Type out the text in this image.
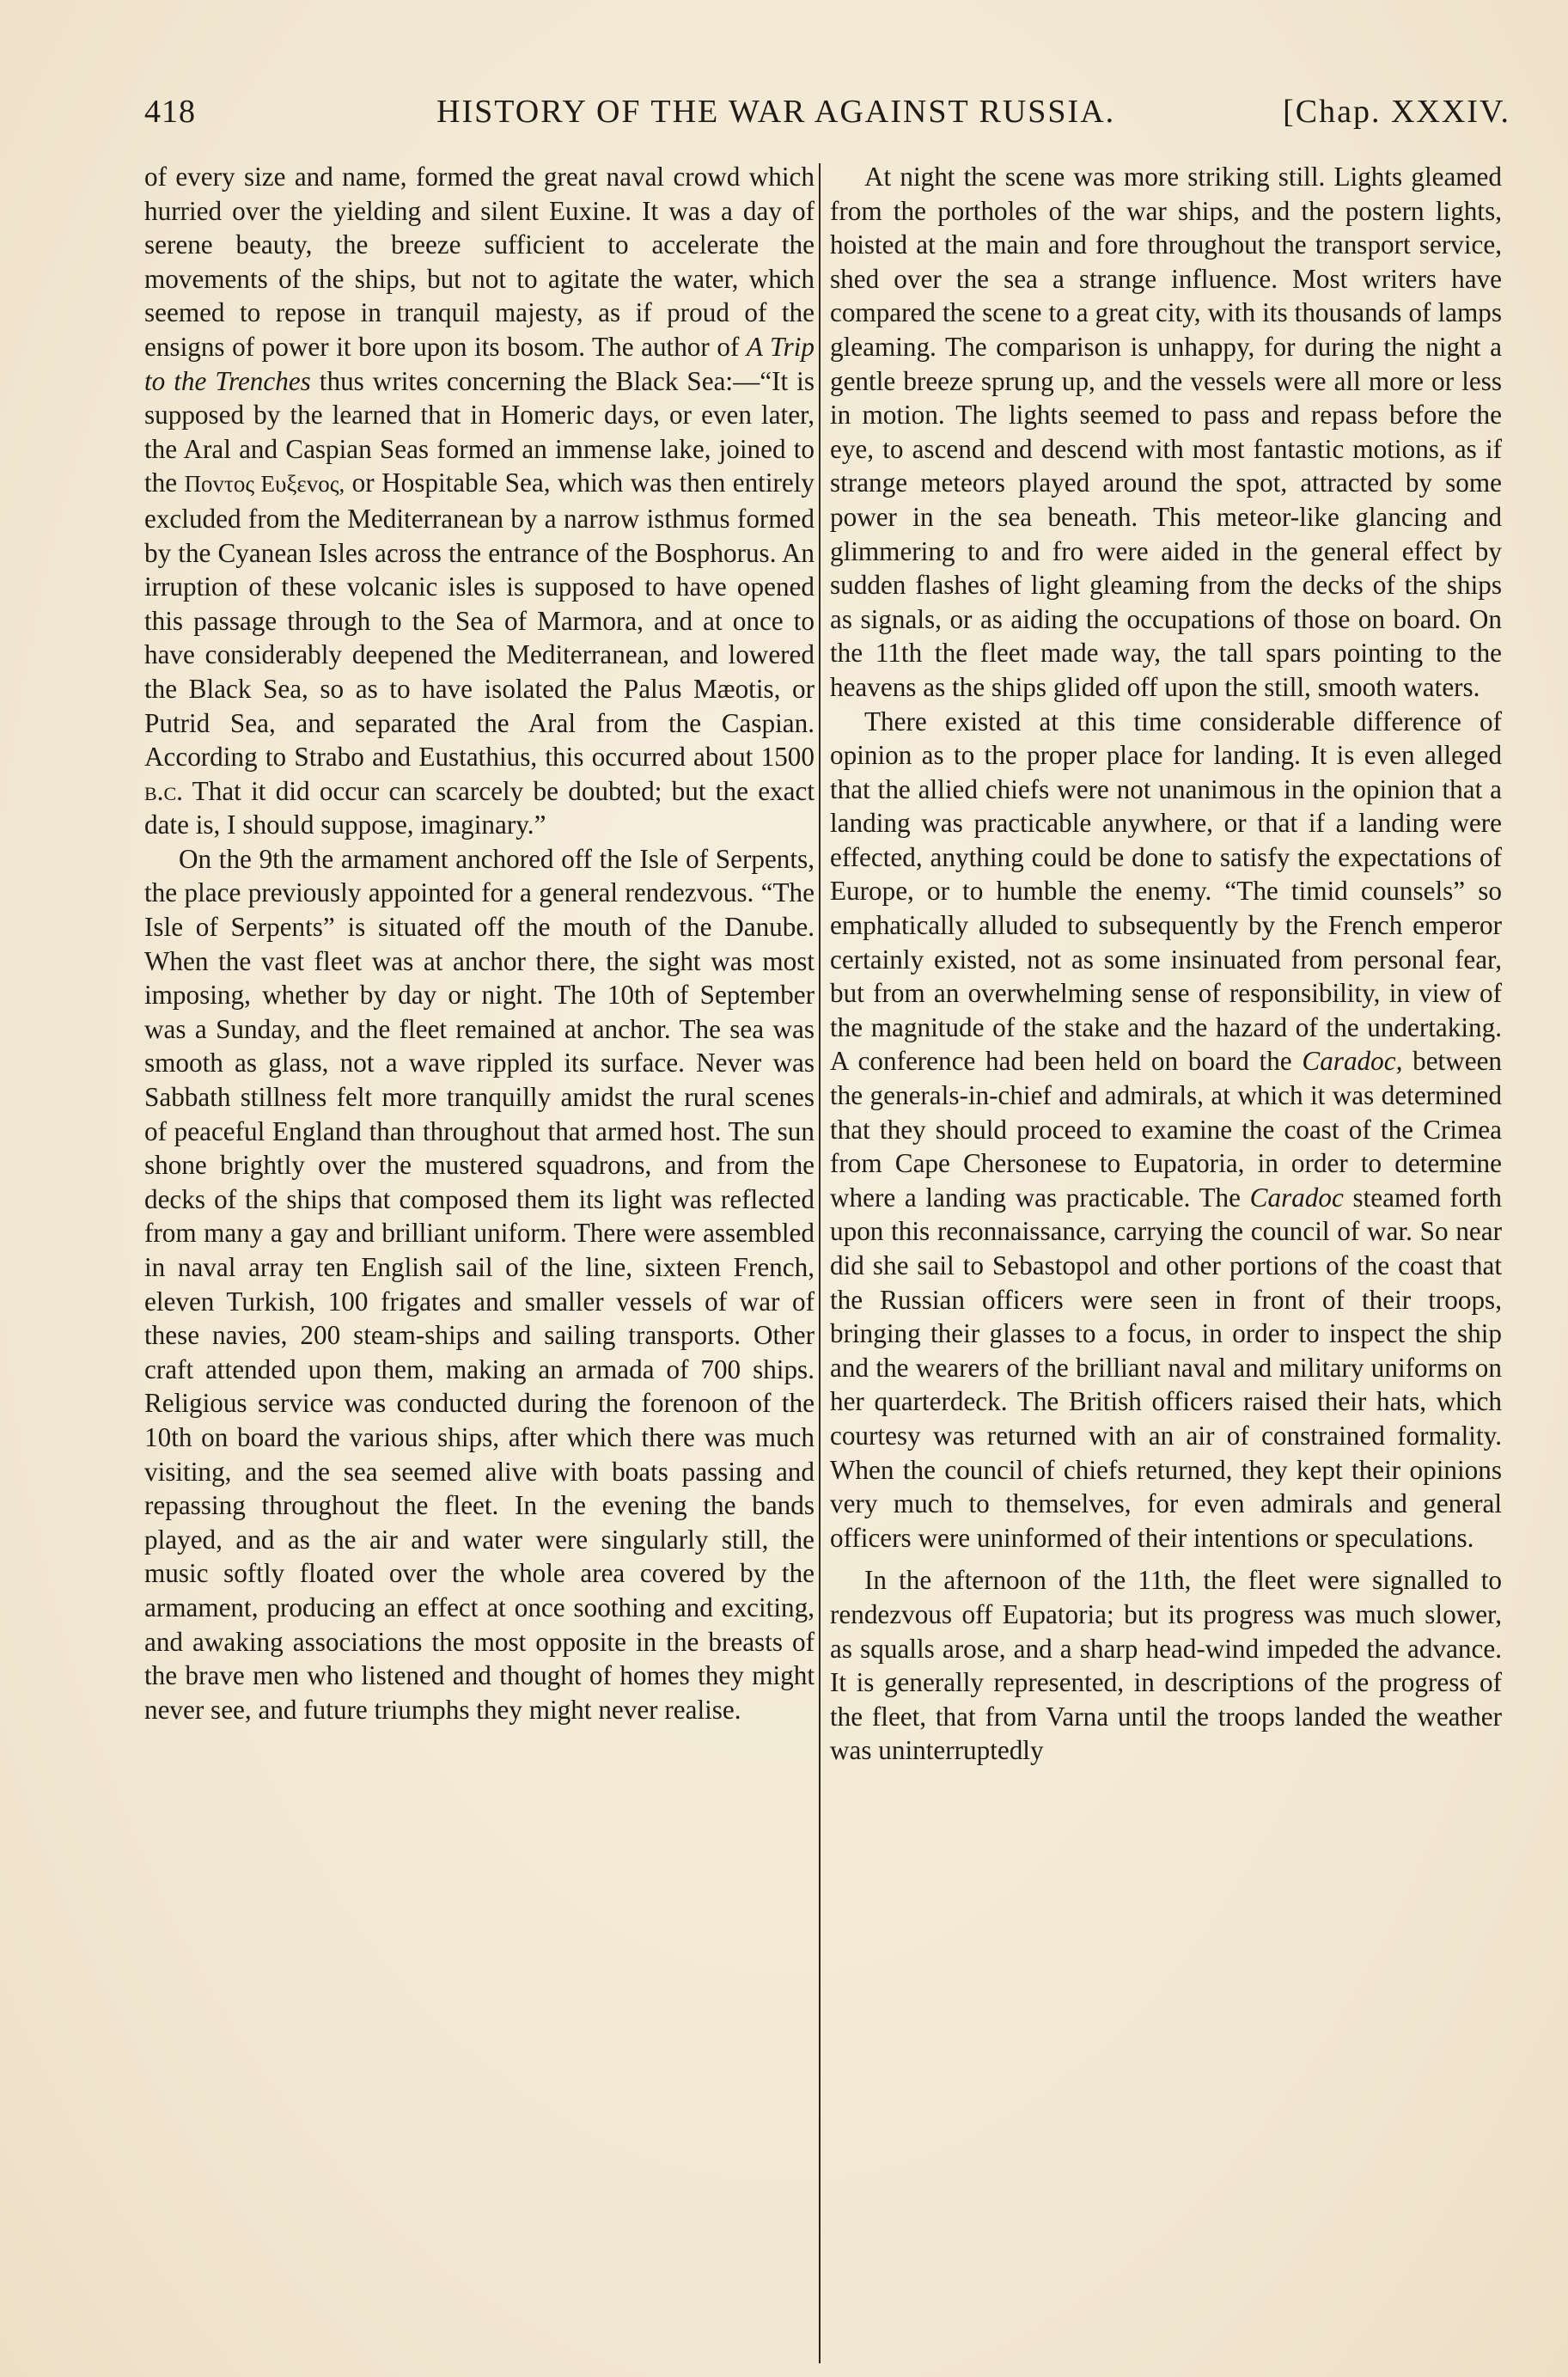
418	HISTORY OF THE WAR AGAINST RUSSIA.	[Chap. XXXIV.

of every size and name, formed the great naval crowd which hurried over the yielding and silent Euxine. It was a day of serene beauty, the breeze sufficient to accelerate the movements of the ships, but not to agitate the water, which seemed to repose in tranquil majesty, as if proud of the ensigns of power it bore upon its bosom. The author of A Trip to the Trenches thus writes concerning the Black Sea:—“It is supposed by the learned that in Homeric days, or even later, the Aral and Caspian Seas formed an immense lake, joined to the Πovτoς Eυξεvoς, or Hospitable Sea, which was then entirely excluded from the Mediterranean by a narrow isthmus formed by the Cyanean Isles across the entrance of the Bosphorus. An irruption of these volcanic isles is supposed to have opened this passage through to the Sea of Marmora, and at once to have considerably deepened the Mediterranean, and lowered the Black Sea, so as to have isolated the Palus Mæotis, or Putrid Sea, and separated the Aral from the Caspian. According to Strabo and Eustathius, this occurred about 1500 b.c. That it did occur can scarcely be doubted; but the exact date is, I should suppose, imaginary.”

On the 9th the armament anchored off the Isle of Serpents, the place previously appointed for a general rendezvous. “The Isle of Serpents” is situated off the mouth of the Danube. When the vast fleet was at anchor there, the sight was most imposing, whether by day or night. The 10th of September was a Sunday, and the fleet remained at anchor. The sea was smooth as glass, not a wave rippled its surface. Never was Sabbath stillness felt more tranquilly amidst the rural scenes of peaceful England than throughout that armed host. The sun shone brightly over the mustered squadrons, and from the decks of the ships that composed them its light was reflected from many a gay and brilliant uniform. There were assembled in naval array ten English sail of the line, sixteen French, eleven Turkish, 100 frigates and smaller vessels of war of these navies, 200 steam-ships and sailing transports. Other craft attended upon them, making an armada of 700 ships. Religious service was conducted during the forenoon of the 10th on board the various ships, after which there was much visiting, and the sea seemed alive with boats passing and repassing throughout the fleet. In the evening the bands played, and as the air and water were singularly still, the music softly floated over the whole area covered by the armament, producing an effect at once soothing and exciting, and awaking associations the most opposite in the breasts of the brave men who listened and thought of homes they might never see, and future triumphs they might never realise.

At night the scene was more striking still. Lights gleamed from the portholes of the war ships, and the postern lights, hoisted at the main and fore throughout the transport service, shed over the sea a strange influence. Most writers have compared the scene to a great city, with its thousands of lamps gleaming. The comparison is unhappy, for during the night a gentle breeze sprung up, and the vessels were all more or less in motion. The lights seemed to pass and repass before the eye, to ascend and descend with most fantastic motions, as if strange meteors played around the spot, attracted by some power in the sea beneath. This meteor-like glancing and glimmering to and fro were aided in the general effect by sudden flashes of light gleaming from the decks of the ships as signals, or as aiding the occupations of those on board. On the 11th the fleet made way, the tall spars pointing to the heavens as the ships glided off upon the still, smooth waters.

There existed at this time considerable difference of opinion as to the proper place for landing. It is even alleged that the allied chiefs were not unanimous in the opinion that a landing was practicable anywhere, or that if a landing were effected, anything could be done to satisfy the expectations of Europe, or to humble the enemy. “The timid counsels” so emphatically alluded to subsequently by the French emperor certainly existed, not as some insinuated from personal fear, but from an overwhelming sense of responsibility, in view of the magnitude of the stake and the hazard of the undertaking. A conference had been held on board the Caradoc, between the generals-in-chief and admirals, at which it was determined that they should proceed to examine the coast of the Crimea from Cape Chersonese to Eupatoria, in order to determine where a landing was practicable. The Caradoc steamed forth upon this reconnaissance, carrying the council of war. So near did she sail to Sebastopol and other portions of the coast that the Russian officers were seen in front of their troops, bringing their glasses to a focus, in order to inspect the ship and the wearers of the brilliant naval and military uniforms on her quarterdeck. The British officers raised their hats, which courtesy was returned with an air of constrained formality. When the council of chiefs returned, they kept their opinions very much to themselves, for even admirals and general officers were uninformed of their intentions or speculations.

In the afternoon of the 11th, the fleet were signalled to rendezvous off Eupatoria; but its progress was much slower, as squalls arose, and a sharp head-wind impeded the advance. It is generally represented, in descriptions of the progress of the fleet, that from Varna until the troops landed the weather was uninterruptedly
